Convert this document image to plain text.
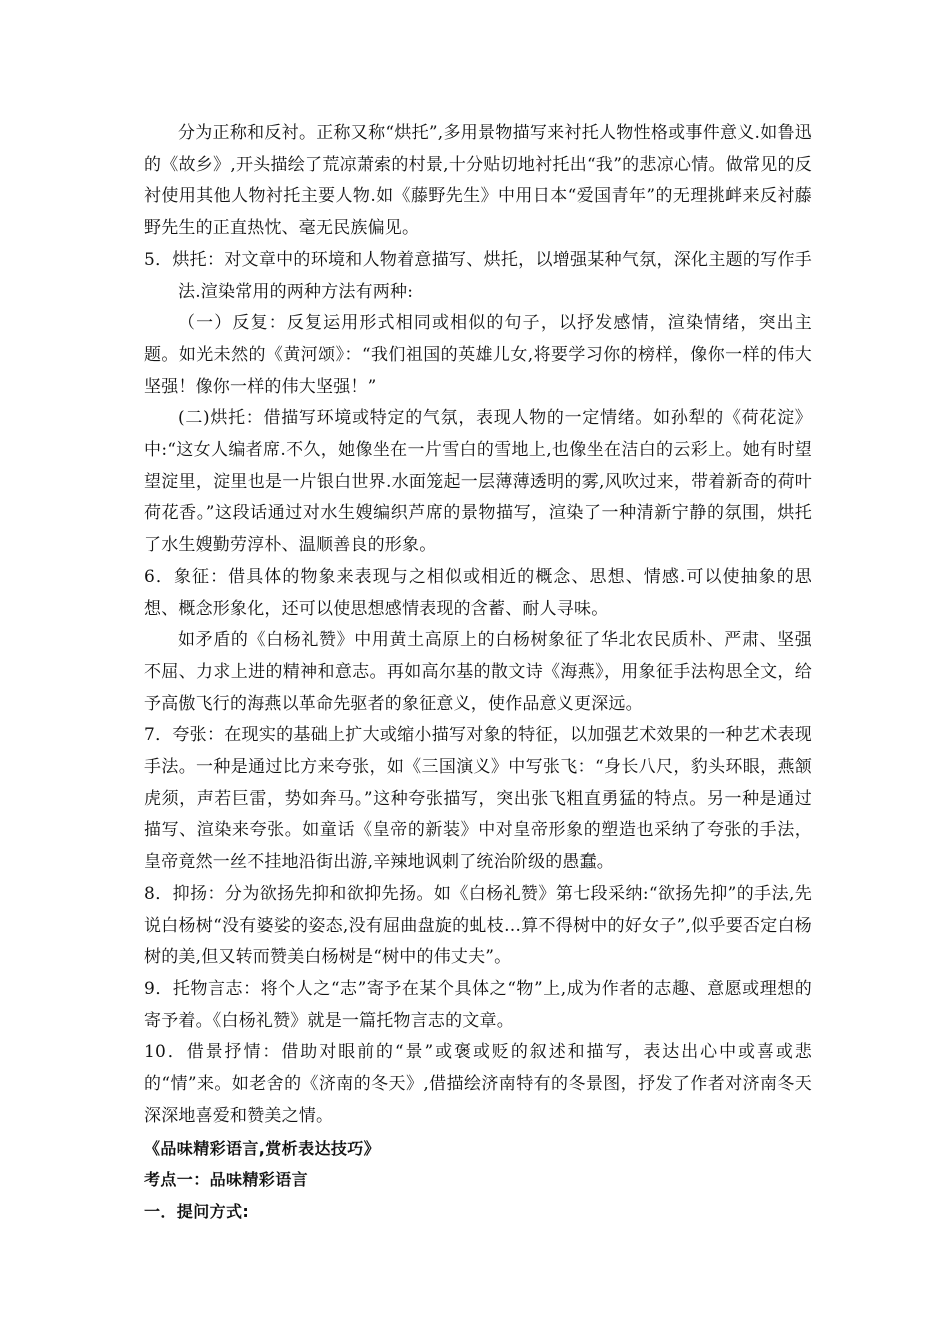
分为正称和反衬。正称又称“烘托”,多用景物描写来衬托人物性格或事件意义.如鲁迅的《故乡》,开头描绘了荒凉萧索的村景,十分贴切地衬托出“我”的悲凉心情。做常见的反衬使用其他人物衬托主要人物.如《藤野先生》中用日本“爱国青年”的无理挑衅来反衬藤野先生的正直热忱、毫无民族偏见。

5．烘托：对文章中的环境和人物着意描写、烘托，以增强某种气氛，深化主题的写作手法.渲染常用的两种方法有两种:

（一）反复：反复运用形式相同或相似的句子，以抒发感情，渲染情绪，突出主题。如光未然的《黄河颂》：“我们祖国的英雄儿女,将要学习你的榜样，像你一样的伟大坚强！像你一样的伟大坚强！”

(二)烘托：借描写环境或特定的气氛，表现人物的一定情绪。如孙犁的《荷花淀》中:“这女人编者席.不久，她像坐在一片雪白的雪地上,也像坐在洁白的云彩上。她有时望望淀里，淀里也是一片银白世界.水面笼起一层薄薄透明的雾,风吹过来，带着新奇的荷叶荷花香。”这段话通过对水生嫂编织芦席的景物描写，渲染了一种清新宁静的氛围，烘托了水生嫂勤劳淳朴、温顺善良的形象。

6．象征：借具体的物象来表现与之相似或相近的概念、思想、情感.可以使抽象的思想、概念形象化，还可以使思想感情表现的含蓄、耐人寻味。

如矛盾的《白杨礼赞》中用黄土高原上的白杨树象征了华北农民质朴、严肃、坚强不屈、力求上进的精神和意志。再如高尔基的散文诗《海燕》，用象征手法构思全文，给予高傲飞行的海燕以革命先驱者的象征意义，使作品意义更深远。

7．夸张：在现实的基础上扩大或缩小描写对象的特征，以加强艺术效果的一种艺术表现手法。一种是通过比方来夸张，如《三国演义》中写张飞：“身长八尺，豹头环眼，燕颔虎须，声若巨雷，势如奔马。”这种夸张描写，突出张飞粗直勇猛的特点。另一种是通过描写、渲染来夸张。如童话《皇帝的新装》中对皇帝形象的塑造也采纳了夸张的手法，皇帝竟然一丝不挂地沿街出游,辛辣地讽刺了统治阶级的愚蠢。

8．抑扬：分为欲扬先抑和欲抑先扬。如《白杨礼赞》第七段采纳:“欲扬先抑”的手法,先说白杨树“没有婆娑的姿态,没有屈曲盘旋的虬枝…算不得树中的好女子”,似乎要否定白杨树的美,但又转而赞美白杨树是“树中的伟丈夫”。

9．托物言志：将个人之“志”寄予在某个具体之“物”上,成为作者的志趣、意愿或理想的寄予着。《白杨礼赞》就是一篇托物言志的文章。

10．借景抒情：借助对眼前的“景”或褒或贬的叙述和描写，表达出心中或喜或悲的“情”来。如老舍的《济南的冬天》,借描绘济南特有的冬景图，抒发了作者对济南冬天深深地喜爱和赞美之情。

《品味精彩语言,赏析表达技巧》

考点一：品味精彩语言

一．提问方式:
